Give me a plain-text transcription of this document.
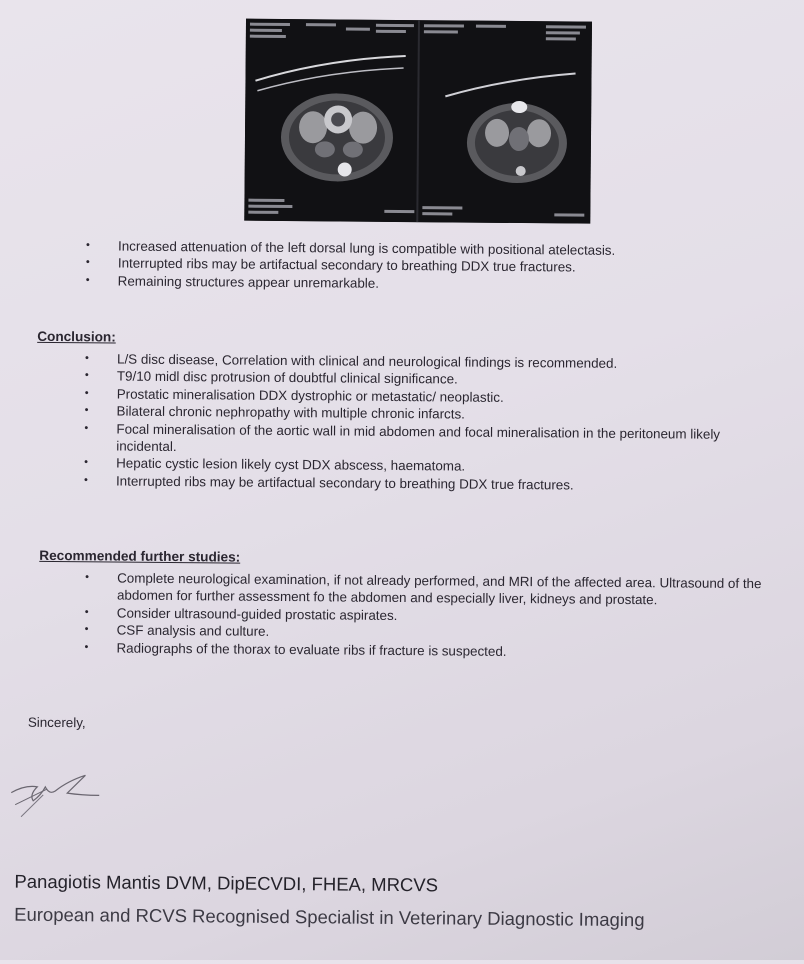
• Increased attenuation of the left dorsal lung is compatible with positional atelectasis.
• Interrupted ribs may be artifactual secondary to breathing DDX true fractures.
• Remaining structures appear unremarkable.
Conclusion:
• L/S disc disease, Correlation with clinical and neurological findings is recommended.
• T9/10 midl disc protrusion of doubtful clinical significance.
• Prostatic mineralisation DDX dystrophic or metastatic/ neoplastic.
• Bilateral chronic nephropathy with multiple chronic infarcts.
• Focal mineralisation of the aortic wall in mid abdomen and focal mineralisation in the peritoneum likely incidental.
• Hepatic cystic lesion likely cyst DDX abscess, haematoma.
• Interrupted ribs may be artifactual secondary to breathing DDX true fractures.
Recommended further studies:
• Complete neurological examination, if not already performed, and MRI of the affected area. Ultrasound of the abdomen for further assessment fo the abdomen and especially liver, kidneys and prostate.
• Consider ultrasound-guided prostatic aspirates.
• CSF analysis and culture.
• Radiographs of the thorax to evaluate ribs if fracture is suspected.
Sincerely,
Panagiotis Mantis DVM, DipECVDI, FHEA, MRCVS
European and RCVS Recognised Specialist in Veterinary Diagnostic Imaging
